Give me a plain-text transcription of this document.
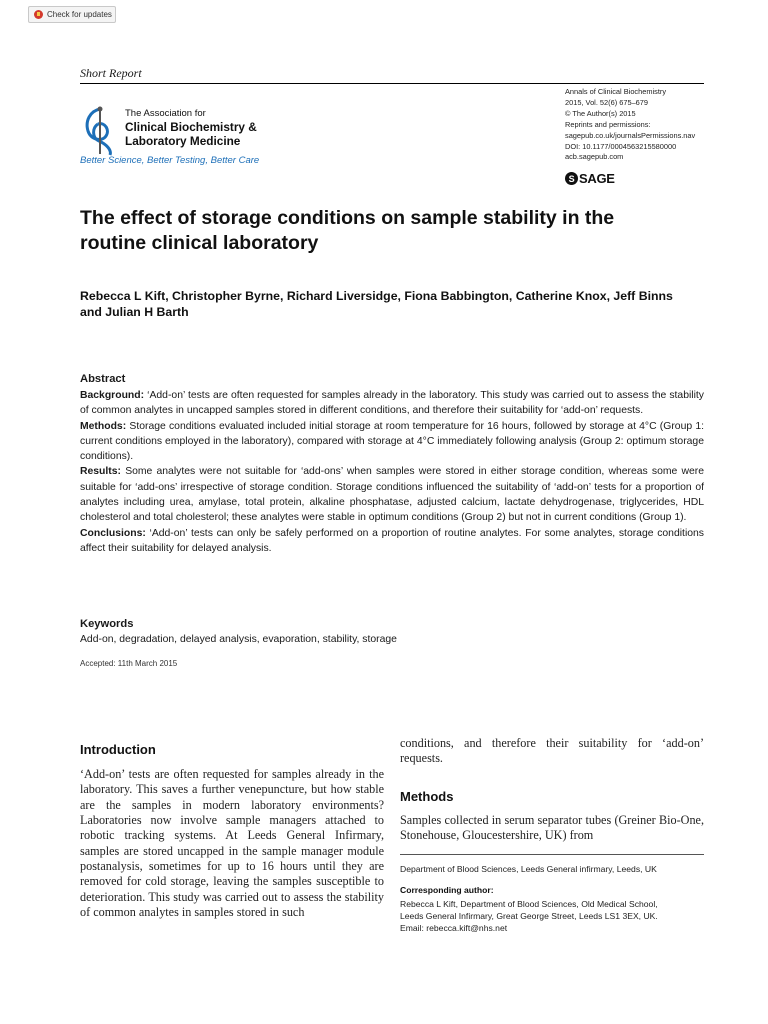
Check for updates
Short Report
The Association for
Clinical Biochemistry &
Laboratory Medicine
Better Science, Better Testing, Better Care
Annals of Clinical Biochemistry
2015, Vol. 52(6) 675–679
© The Author(s) 2015
Reprints and permissions:
sagepub.co.uk/journalsPermissions.nav
DOI: 10.1177/0004563215580000
acb.sagepub.com
S SAGE
The effect of storage conditions on sample stability in the routine clinical laboratory
Rebecca L Kift, Christopher Byrne, Richard Liversidge, Fiona Babbington, Catherine Knox, Jeff Binns and Julian H Barth
Abstract

Background: ‘Add-on’ tests are often requested for samples already in the laboratory. This study was carried out to assess the stability of common analytes in uncapped samples stored in different conditions, and therefore their suitability for ‘add-on’ requests.

Methods: Storage conditions evaluated included initial storage at room temperature for 16 hours, followed by storage at 4°C (Group 1: current conditions employed in the laboratory), compared with storage at 4°C immediately following analysis (Group 2: optimum storage conditions).

Results: Some analytes were not suitable for ‘add-ons’ when samples were stored in either storage condition, whereas some were suitable for ‘add-ons’ irrespective of storage condition. Storage conditions influenced the suitability of ‘add-on’ tests for a proportion of analytes including urea, amylase, total protein, alkaline phosphatase, adjusted calcium, lactate dehydrogenase, triglycerides, HDL cholesterol and total cholesterol; these analytes were stable in optimum conditions (Group 2) but not in current conditions (Group 1).

Conclusions: ‘Add-on’ tests can only be safely performed on a proportion of routine analytes. For some analytes, storage conditions affect their suitability for delayed analysis.

Keywords
Add-on, degradation, delayed analysis, evaporation, stability, storage
Accepted: 11th March 2015
Introduction
‘Add-on’ tests are often requested for samples already in the laboratory. This saves a further venepuncture, but how stable are the samples in modern laboratory environments? Laboratories now involve sample managers attached to robotic tracking systems. At Leeds General Infirmary, samples are stored uncapped in the sample manager module postanalysis, sometimes for up to 16 hours until they are removed for cold storage, leaving the samples susceptible to deterioration. This study was carried out to assess the stability of common analytes in samples stored in such
conditions, and therefore their suitability for ‘add-on’ requests.
Methods
Samples collected in serum separator tubes (Greiner Bio-One, Stonehouse, Gloucestershire, UK) from
Department of Blood Sciences, Leeds General infirmary, Leeds, UK
Corresponding author:
Rebecca L Kift, Department of Blood Sciences, Old Medical School,
Leeds General Infirmary, Great George Street, Leeds LS1 3EX, UK.
Email: rebecca.kift@nhs.net
